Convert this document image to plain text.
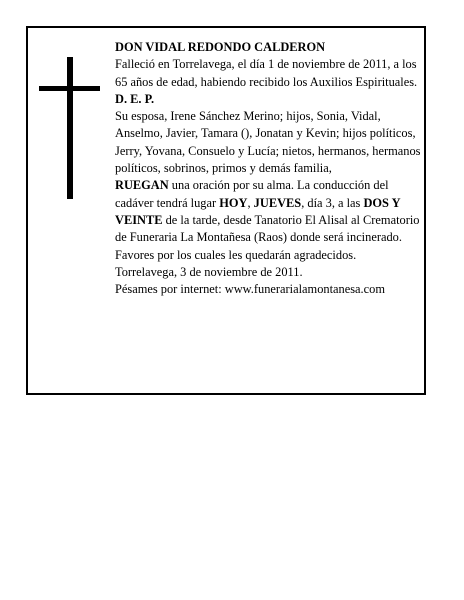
DON VIDAL REDONDO CALDERON

Falleció en Torrelavega, el día 1 de noviembre de 2011, a los 65 años de edad, habiendo recibido los Auxilios Espirituales.

D. E. P.

Su esposa, Irene Sánchez Merino; hijos, Sonia, Vidal, Anselmo, Javier, Tamara (), Jonatan y Kevin; hijos políticos, Jerry, Yovana, Consuelo y Lucía; nietos, hermanos, hermanos políticos, sobrinos, primos y demás familia,

RUEGAN una oración por su alma. La conducción del cadáver tendrá lugar HOY, JUEVES, día 3, a las DOS Y VEINTE de la tarde, desde Tanatorio El Alisal al Crematorio de Funeraria La Montañesa (Raos) donde será incinerado. Favores por los cuales les quedarán agradecidos.

Torrelavega, 3 de noviembre de 2011.

Pésames por internet: www.funerarialamontanesa.com
